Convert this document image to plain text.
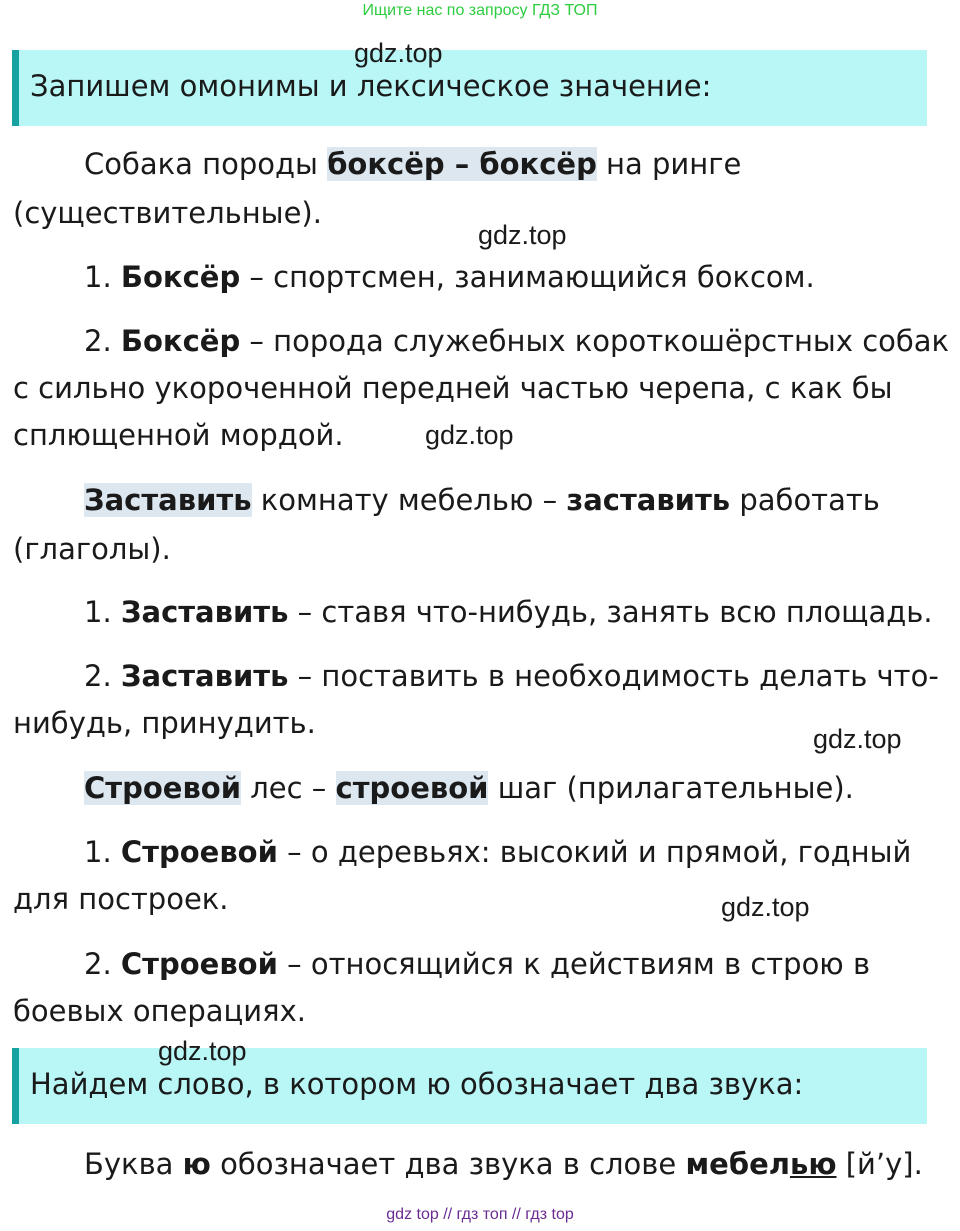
Ищите нас по запросу ГДЗ ТОП
Запишем омонимы и лексическое значение:
Собака породы боксёр – боксёр на ринге
(существительные).
1. Боксёр – спортсмен, занимающийся боксом.
2. Боксёр – порода служебных короткошёрстных собак
с сильно укороченной передней частью черепа, с как бы
сплющенной мордой.
Заставить комнату мебелью – заставить работать
(глаголы).
1. Заставить – ставя что-нибудь, занять всю площадь.
2. Заставить – поставить в необходимость делать что-
нибудь, принудить.
Строевой лес – строевой шаг (прилагательные).
1. Строевой – о деревьях: высокий и прямой, годный
для построек.
2. Строевой – относящийся к действиям в строю в
боевых операциях.
Найдем слово, в котором ю обозначает два звука:
Буква ю обозначает два звука в слове мебелью [й’у].
gdz.top
gdz.top
gdz.top
gdz.top
gdz.top
gdz.top
gdz top // гдз топ // гдз top
